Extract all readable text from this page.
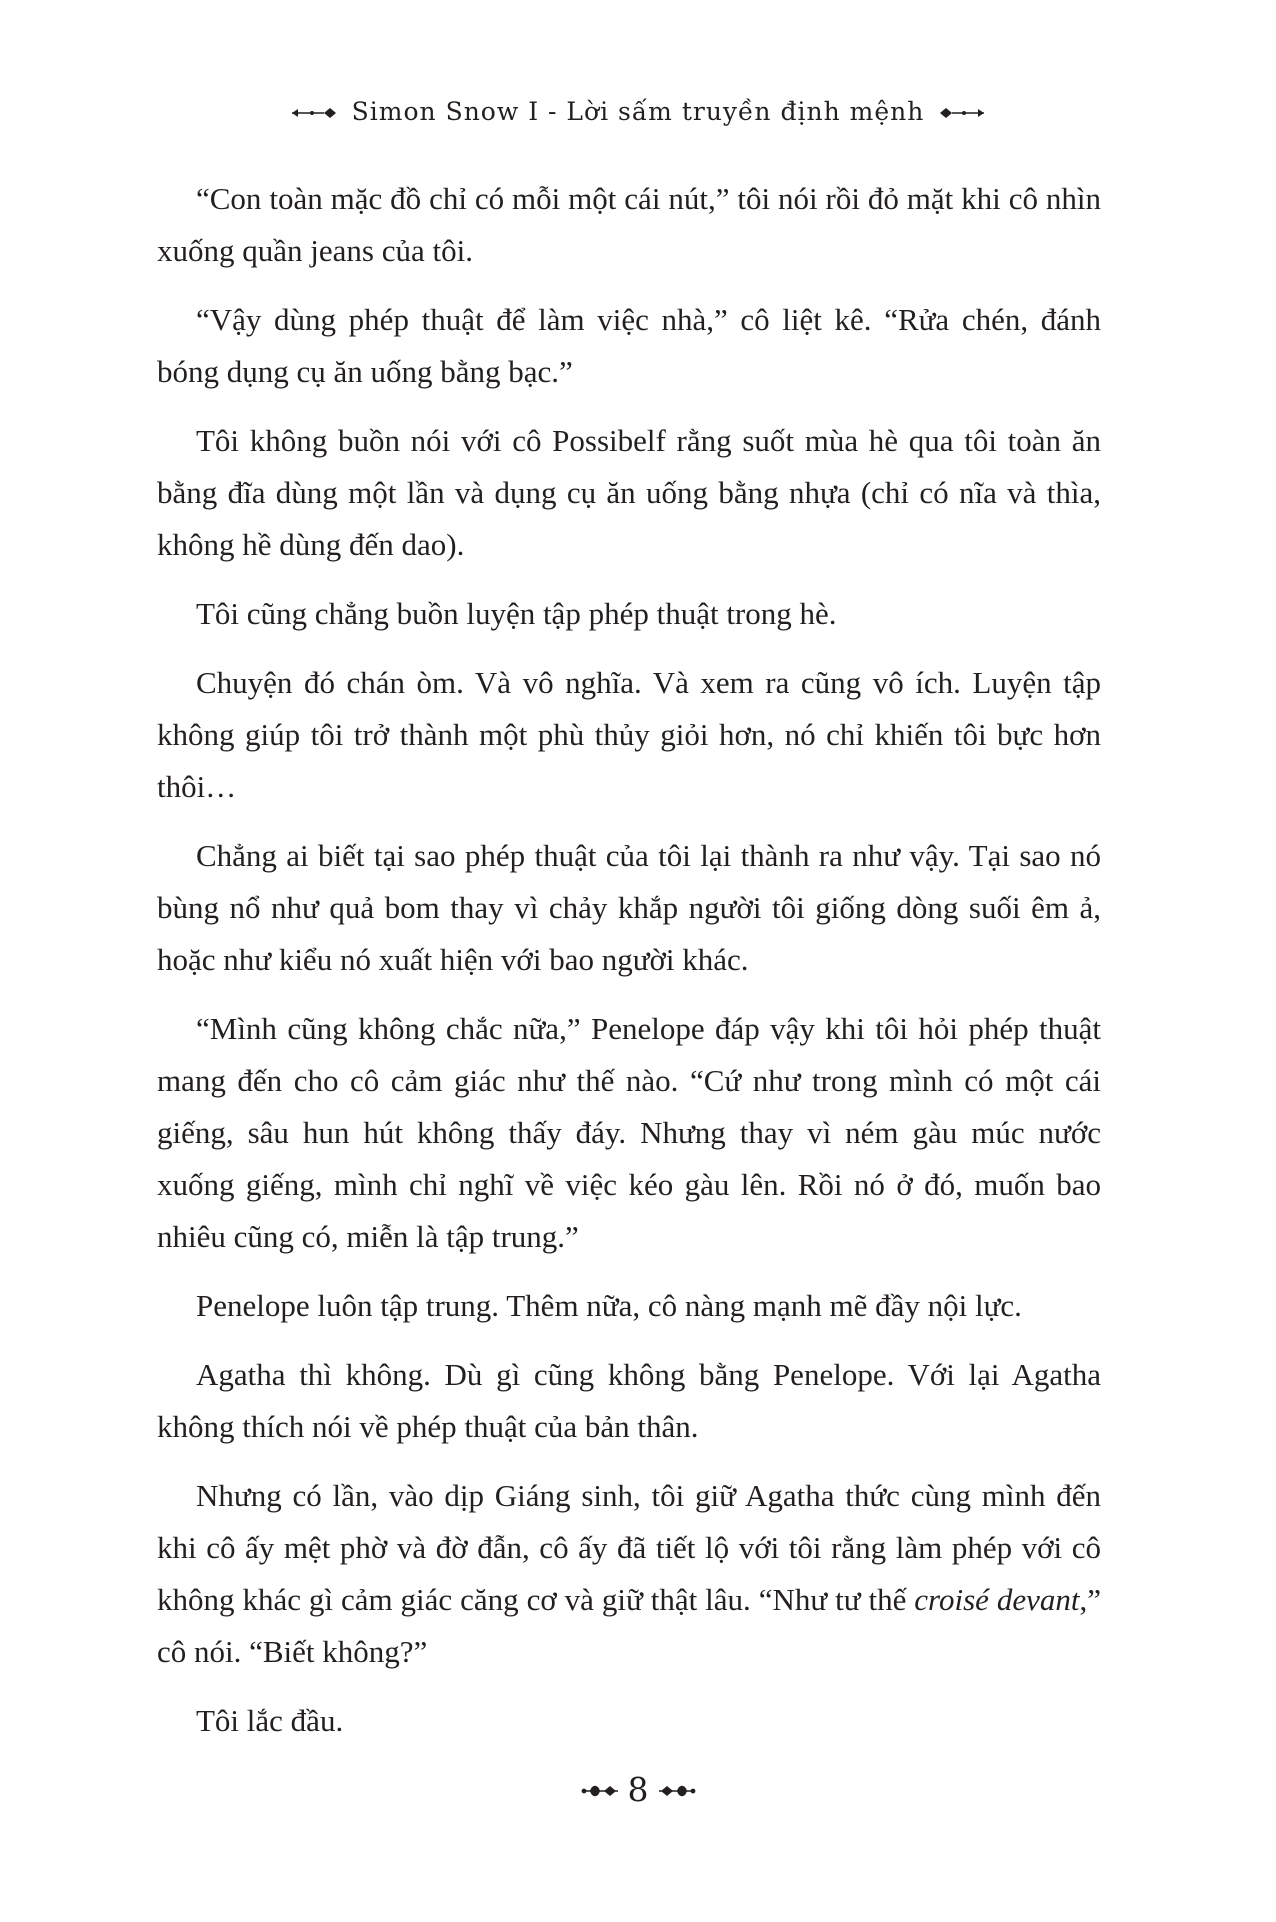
Simon Snow I - Lời sấm truyền định mệnh

“Con toàn mặc đồ chỉ có mỗi một cái nút,” tôi nói rồi đỏ mặt khi cô nhìn xuống quần jeans của tôi.

“Vậy dùng phép thuật để làm việc nhà,” cô liệt kê. “Rửa chén, đánh bóng dụng cụ ăn uống bằng bạc.”

Tôi không buồn nói với cô Possibelf rằng suốt mùa hè qua tôi toàn ăn bằng đĩa dùng một lần và dụng cụ ăn uống bằng nhựa (chỉ có nĩa và thìa, không hề dùng đến dao).

Tôi cũng chẳng buồn luyện tập phép thuật trong hè.

Chuyện đó chán òm. Và vô nghĩa. Và xem ra cũng vô ích. Luyện tập không giúp tôi trở thành một phù thủy giỏi hơn, nó chỉ khiến tôi bực hơn thôi…

Chẳng ai biết tại sao phép thuật của tôi lại thành ra như vậy. Tại sao nó bùng nổ như quả bom thay vì chảy khắp người tôi giống dòng suối êm ả, hoặc như kiểu nó xuất hiện với bao người khác.

“Mình cũng không chắc nữa,” Penelope đáp vậy khi tôi hỏi phép thuật mang đến cho cô cảm giác như thế nào. “Cứ như trong mình có một cái giếng, sâu hun hút không thấy đáy. Nhưng thay vì ném gàu múc nước xuống giếng, mình chỉ nghĩ về việc kéo gàu lên. Rồi nó ở đó, muốn bao nhiêu cũng có, miễn là tập trung.”

Penelope luôn tập trung. Thêm nữa, cô nàng mạnh mẽ đầy nội lực.

Agatha thì không. Dù gì cũng không bằng Penelope. Với lại Agatha không thích nói về phép thuật của bản thân.

Nhưng có lần, vào dịp Giáng sinh, tôi giữ Agatha thức cùng mình đến khi cô ấy mệt phờ và đờ đẫn, cô ấy đã tiết lộ với tôi rằng làm phép với cô không khác gì cảm giác căng cơ và giữ thật lâu. “Như tư thế croisé devant,” cô nói. “Biết không?”

Tôi lắc đầu.

8
